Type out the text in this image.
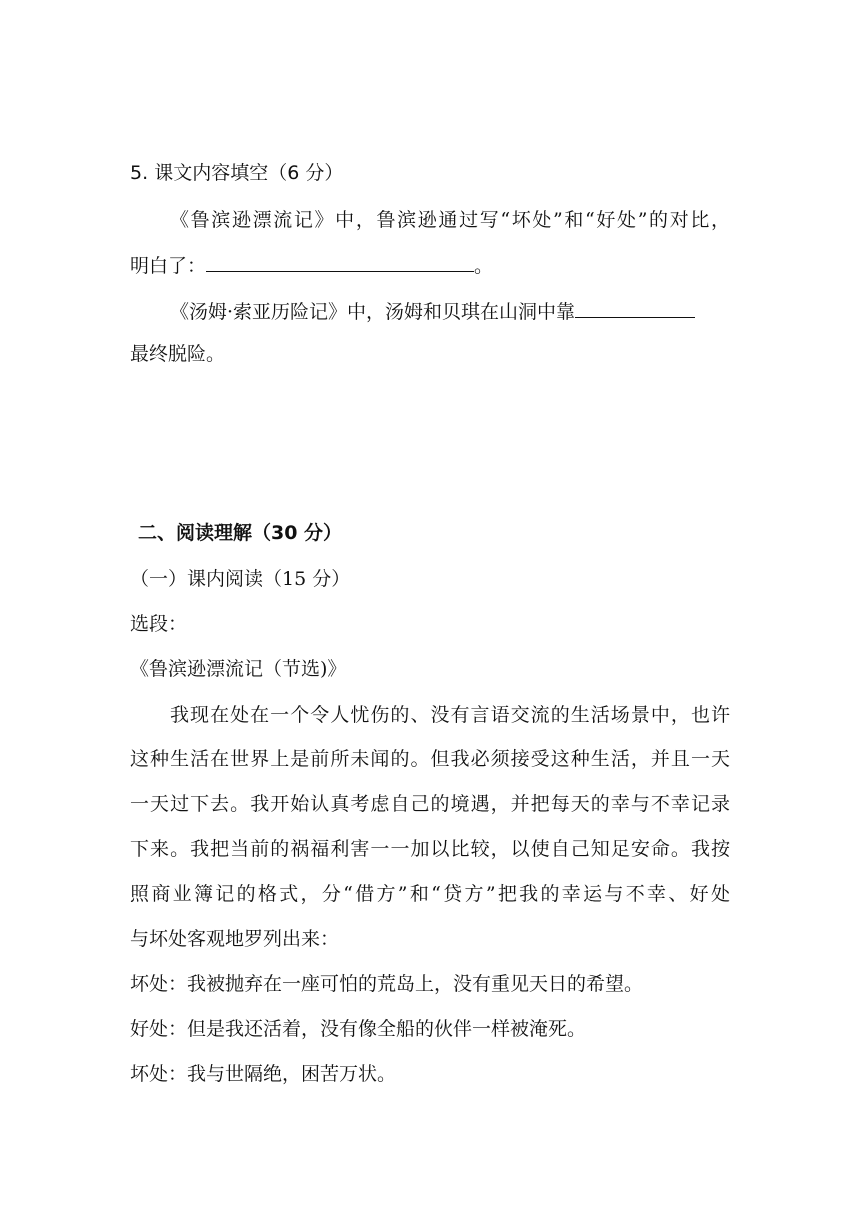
5. 课文内容填空（6 分）
《鲁滨逊漂流记》中，鲁滨逊通过写“坏处”和“好处”的对比，
明白了：	。
《汤姆·索亚历险记》中，汤姆和贝琪在山洞中靠
最终脱险。
二、阅读理解（30 分）
（一）课内阅读（15 分）
选段：
《鲁滨逊漂流记（节选)》
我现在处在一个令人忧伤的、没有言语交流的生活场景中，也许
这种生活在世界上是前所未闻的。但我必须接受这种生活，并且一天
一天过下去。我开始认真考虑自己的境遇，并把每天的幸与不幸记录
下来。我把当前的祸福利害一一加以比较，以使自己知足安命。我按
照商业簿记的格式，分“借方”和“贷方”把我的幸运与不幸、好处
与坏处客观地罗列出来：
坏处：我被抛弃在一座可怕的荒岛上，没有重见天日的希望。
好处：但是我还活着，没有像全船的伙伴一样被淹死。
坏处：我与世隔绝，困苦万状。
